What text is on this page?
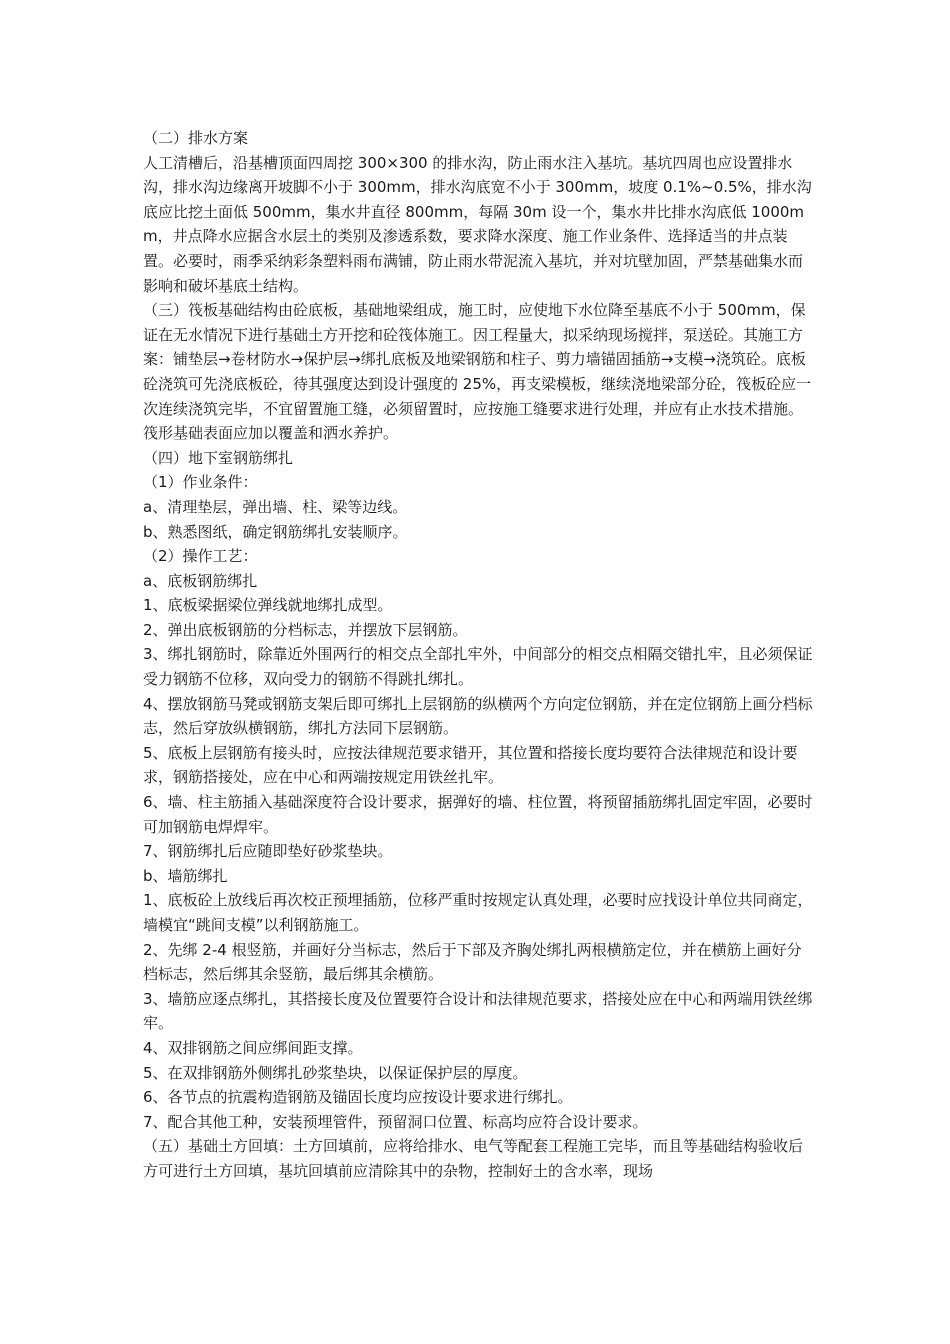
（二）排水方案

人工清槽后，沿基槽顶面四周挖 300×300 的排水沟，防止雨水注入基坑。基坑四周也应设置排水沟，排水沟边缘离开坡脚不小于 300mm，排水沟底宽不小于 300mm，坡度 0.1%~0.5%，排水沟底应比挖土面低 500mm，集水井直径 800mm，每隔 30m 设一个，集水井比排水沟底低 1000mm，井点降水应据含水层土的类别及渗透系数，要求降水深度、施工作业条件、选择适当的井点装置。必要时，雨季采纳彩条塑料雨布满铺，防止雨水带泥流入基坑，并对坑壁加固，严禁基础集水而影响和破坏基底土结构。

（三）筏板基础结构由砼底板，基础地梁组成，施工时，应使地下水位降至基底不小于 500mm，保证在无水情况下进行基础土方开挖和砼筏体施工。因工程量大，拟采纳现场搅拌，泵送砼。其施工方案：铺垫层→卷材防水→保护层→绑扎底板及地梁钢筋和柱子、剪力墙锚固插筋→支模→浇筑砼。底板砼浇筑可先浇底板砼，待其强度达到设计强度的 25%，再支梁模板，继续浇地梁部分砼，筏板砼应一次连续浇筑完毕，不宜留置施工缝，必须留置时，应按施工缝要求进行处理，并应有止水技术措施。筏形基础表面应加以覆盖和洒水养护。

（四）地下室钢筋绑扎

（1）作业条件：

a、清理垫层，弹出墙、柱、梁等边线。

b、熟悉图纸，确定钢筋绑扎安装顺序。

（2）操作工艺：

a、底板钢筋绑扎

1、底板梁据梁位弹线就地绑扎成型。

2、弹出底板钢筋的分档标志，并摆放下层钢筋。

3、绑扎钢筋时，除靠近外围两行的相交点全部扎牢外，中间部分的相交点相隔交错扎牢，且必须保证受力钢筋不位移，双向受力的钢筋不得跳扎绑扎。

4、摆放钢筋马凳或钢筋支架后即可绑扎上层钢筋的纵横两个方向定位钢筋，并在定位钢筋上画分档标志，然后穿放纵横钢筋，绑扎方法同下层钢筋。

5、底板上层钢筋有接头时，应按法律规范要求错开，其位置和搭接长度均要符合法律规范和设计要求，钢筋搭接处，应在中心和两端按规定用铁丝扎牢。

6、墙、柱主筋插入基础深度符合设计要求，据弹好的墙、柱位置，将预留插筋绑扎固定牢固，必要时可加钢筋电焊焊牢。

7、钢筋绑扎后应随即垫好砂浆垫块。

b、墙筋绑扎

1、底板砼上放线后再次校正预埋插筋，位移严重时按规定认真处理，必要时应找设计单位共同商定，墙模宜“跳间支模”以利钢筋施工。

2、先绑 2-4 根竖筋，并画好分当标志，然后于下部及齐胸处绑扎两根横筋定位，并在横筋上画好分档标志，然后绑其余竖筋，最后绑其余横筋。

3、墙筋应逐点绑扎，其搭接长度及位置要符合设计和法律规范要求，搭接处应在中心和两端用铁丝绑牢。

4、双排钢筋之间应绑间距支撑。

5、在双排钢筋外侧绑扎砂浆垫块，以保证保护层的厚度。

6、各节点的抗震构造钢筋及锚固长度均应按设计要求进行绑扎。

7、配合其他工种，安装预埋管件，预留洞口位置、标高均应符合设计要求。

（五）基础土方回填：土方回填前，应将给排水、电气等配套工程施工完毕，而且等基础结构验收后方可进行土方回填，基坑回填前应清除其中的杂物，控制好土的含水率，现场
